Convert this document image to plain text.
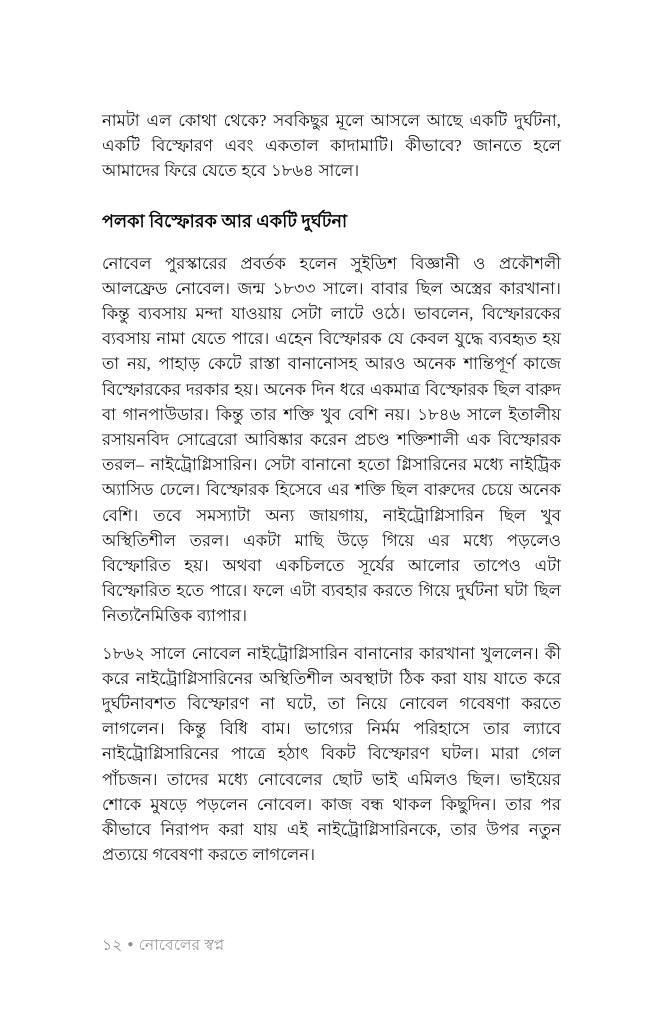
নামটা এল কোথা থেকে? সবকিছুর মূলে আসলে আছে একটি দুর্ঘটনা, একটি বিস্ফোরণ এবং একতাল কাদামাটি। কীভাবে? জানতে হলে আমাদের ফিরে যেতে হবে ১৮৬৪ সালে।

পলকা বিস্ফোরক আর একটি দুর্ঘটনা

নোবেল পুরস্কারের প্রবর্তক হলেন সুইডিশ বিজ্ঞানী ও প্রকৌশলী আলফ্রেড নোবেল। জন্ম ১৮৩৩ সালে। বাবার ছিল অস্ত্রের কারখানা। কিন্তু ব্যবসায় মন্দা যাওয়ায় সেটা লাটে ওঠে। ভাবলেন, বিস্ফোরকের ব্যবসায় নামা যেতে পারে। এহেন বিস্ফোরক যে কেবল যুদ্ধে ব্যবহৃত হয় তা নয়, পাহাড় কেটে রাস্তা বানানোসহ আরও অনেক শান্তিপূর্ণ কাজে বিস্ফোরকের দরকার হয়। অনেক দিন ধরে একমাত্র বিস্ফোরক ছিল বারুদ বা গানপাউডার। কিন্তু তার শক্তি খুব বেশি নয়। ১৮৪৬ সালে ইতালীয় রসায়নবিদ সোব্রেরো আবিষ্কার করেন প্রচণ্ড শক্তিশালী এক বিস্ফোরক তরল– নাইট্রোগ্লিসারিন। সেটা বানানো হতো গ্লিসারিনের মধ্যে নাইট্রিক অ্যাসিড ঢেলে। বিস্ফোরক হিসেবে এর শক্তি ছিল বারুদের চেয়ে অনেক বেশি। তবে সমস্যাটা অন্য জায়গায়, নাইট্রোগ্লিসারিন ছিল খুব অস্থিতিশীল তরল। একটা মাছি উড়ে গিয়ে এর মধ্যে পড়লেও বিস্ফোরিত হয়। অথবা একচিলতে সূর্যের আলোর তাপেও এটা বিস্ফোরিত হতে পারে। ফলে এটা ব্যবহার করতে গিয়ে দুর্ঘটনা ঘটা ছিল নিত্যনৈমিত্তিক ব্যাপার।

১৮৬২ সালে নোবেল নাইট্রোগ্লিসারিন বানানোর কারখানা খুললেন। কী করে নাইট্রোগ্লিসারিনের অস্থিতিশীল অবস্থাটা ঠিক করা যায় যাতে করে দুর্ঘটনাবশত বিস্ফোরণ না ঘটে, তা নিয়ে নোবেল গবেষণা করতে লাগলেন। কিন্তু বিধি বাম। ভাগ্যের নির্মম পরিহাসে তার ল্যাবে নাইট্রোগ্লিসারিনের পাত্রে হঠাৎ বিকট বিস্ফোরণ ঘটল। মারা গেল পাঁচজন। তাদের মধ্যে নোবেলের ছোট ভাই এমিলও ছিল। ভাইয়ের শোকে মুষড়ে পড়লেন নোবেল। কাজ বন্ধ থাকল কিছুদিন। তার পর কীভাবে নিরাপদ করা যায় এই নাইট্রোগ্লিসারিনকে, তার উপর নতুন প্রত্যয়ে গবেষণা করতে লাগলেন।

১২ ● নোবেলের স্বপ্ন
